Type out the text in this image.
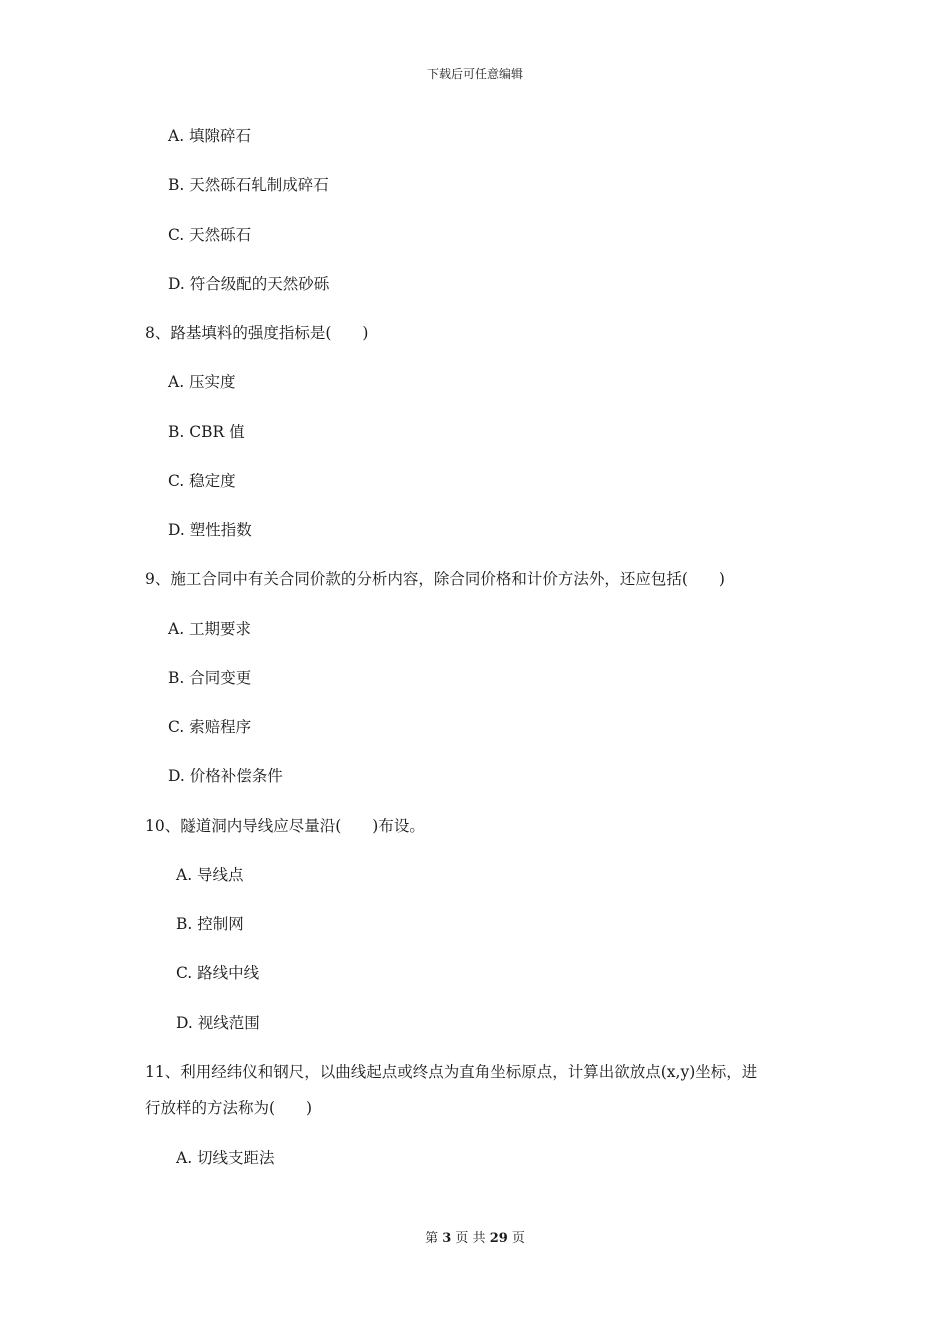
下载后可任意编辑
A. 填隙碎石
B. 天然砾石轧制成碎石
C. 天然砾石
D. 符合级配的天然砂砾
8、路基填料的强度指标是(　　)
A. 压实度
B. CBR 值
C. 稳定度
D. 塑性指数
9、施工合同中有关合同价款的分析内容，除合同价格和计价方法外，还应包括(　　)
A. 工期要求
B. 合同变更
C. 索赔程序
D. 价格补偿条件
10、隧道洞内导线应尽量沿(　　)布设。
A. 导线点
B. 控制网
C. 路线中线
D. 视线范围
11、利用经纬仪和钢尺，以曲线起点或终点为直角坐标原点，计算出欲放点(x,y)坐标，进
行放样的方法称为(　　)
A. 切线支距法
第 3 页 共 29 页
